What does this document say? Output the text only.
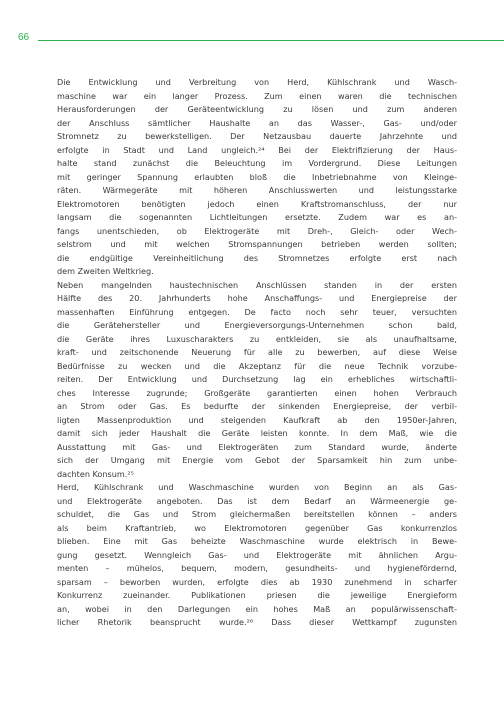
66
Die Entwicklung und Verbreitung von Herd, Kühlschrank und Wasch-
maschine war ein langer Prozess. Zum einen waren die technischen
Herausforderungen der Geräteentwicklung zu lösen und zum anderen
der Anschluss sämtlicher Haushalte an das Wasser-, Gas- und/oder
Stromnetz zu bewerkstelligen. Der Netzausbau dauerte Jahrzehnte und
erfolgte in Stadt und Land ungleich.²⁴ Bei der Elektrifizierung der Haus-
halte stand zunächst die Beleuchtung im Vordergrund. Diese Leitungen
mit geringer Spannung erlaubten bloß die Inbetriebnahme von Kleinge-
räten. Wärmegeräte mit höheren Anschlusswerten und leistungsstarke
Elektromotoren benötigten jedoch einen Kraftstromanschluss, der nur
langsam die sogenannten Lichtleitungen ersetzte. Zudem war es an-
fangs unentschieden, ob Elektrogeräte mit Dreh-, Gleich- oder Wech-
selstrom und mit welchen Stromspannungen betrieben werden sollten;
die endgültige Vereinheitlichung des Stromnetzes erfolgte erst nach
dem Zweiten Weltkrieg.
Neben mangelnden haustechnischen Anschlüssen standen in der ersten
Hälfte des 20. Jahrhunderts hohe Anschaffungs- und Energiepreise der
massenhaften Einführung entgegen. De facto noch sehr teuer, versuchten
die Gerätehersteller und Energieversorgungs-Unternehmen schon bald,
die Geräte ihres Luxuscharakters zu entkleiden, sie als unaufhaltsame,
kraft- und zeitschonende Neuerung für alle zu bewerben, auf diese Weise
Bedürfnisse zu wecken und die Akzeptanz für die neue Technik vorzube-
reiten. Der Entwicklung und Durchsetzung lag ein erhebliches wirtschaftli-
ches Interesse zugrunde; Großgeräte garantierten einen hohen Verbrauch
an Strom oder Gas. Es bedurfte der sinkenden Energiepreise, der verbil-
ligten Massenproduktion und steigenden Kaufkraft ab den 1950er-Jahren,
damit sich jeder Haushalt die Geräte leisten konnte. In dem Maß, wie die
Ausstattung mit Gas- und Elektrogeräten zum Standard wurde, änderte
sich der Umgang mit Energie vom Gebot der Sparsamkeit hin zum unbe-
dachten Konsum.²⁵
Herd, Kühlschrank und Waschmaschine wurden von Beginn an als Gas-
und Elektrogeräte angeboten. Das ist dem Bedarf an Wärmeenergie ge-
schuldet, die Gas und Strom gleichermaßen bereitstellen können – anders
als beim Kraftantrieb, wo Elektromotoren gegenüber Gas konkurrenzlos
blieben. Eine mit Gas beheizte Waschmaschine wurde elektrisch in Bewe-
gung gesetzt. Wenngleich Gas- und Elektrogeräte mit ähnlichen Argu-
menten – mühelos, bequem, modern, gesundheits- und hygienefördernd,
sparsam – beworben wurden, erfolgte dies ab 1930 zunehmend in scharfer
Konkurrenz zueinander. Publikationen priesen die jeweilige Energieform
an, wobei in den Darlegungen ein hohes Maß an populärwissenschaft-
licher Rhetorik beansprucht wurde.²⁶ Dass dieser Wettkampf zugunsten
